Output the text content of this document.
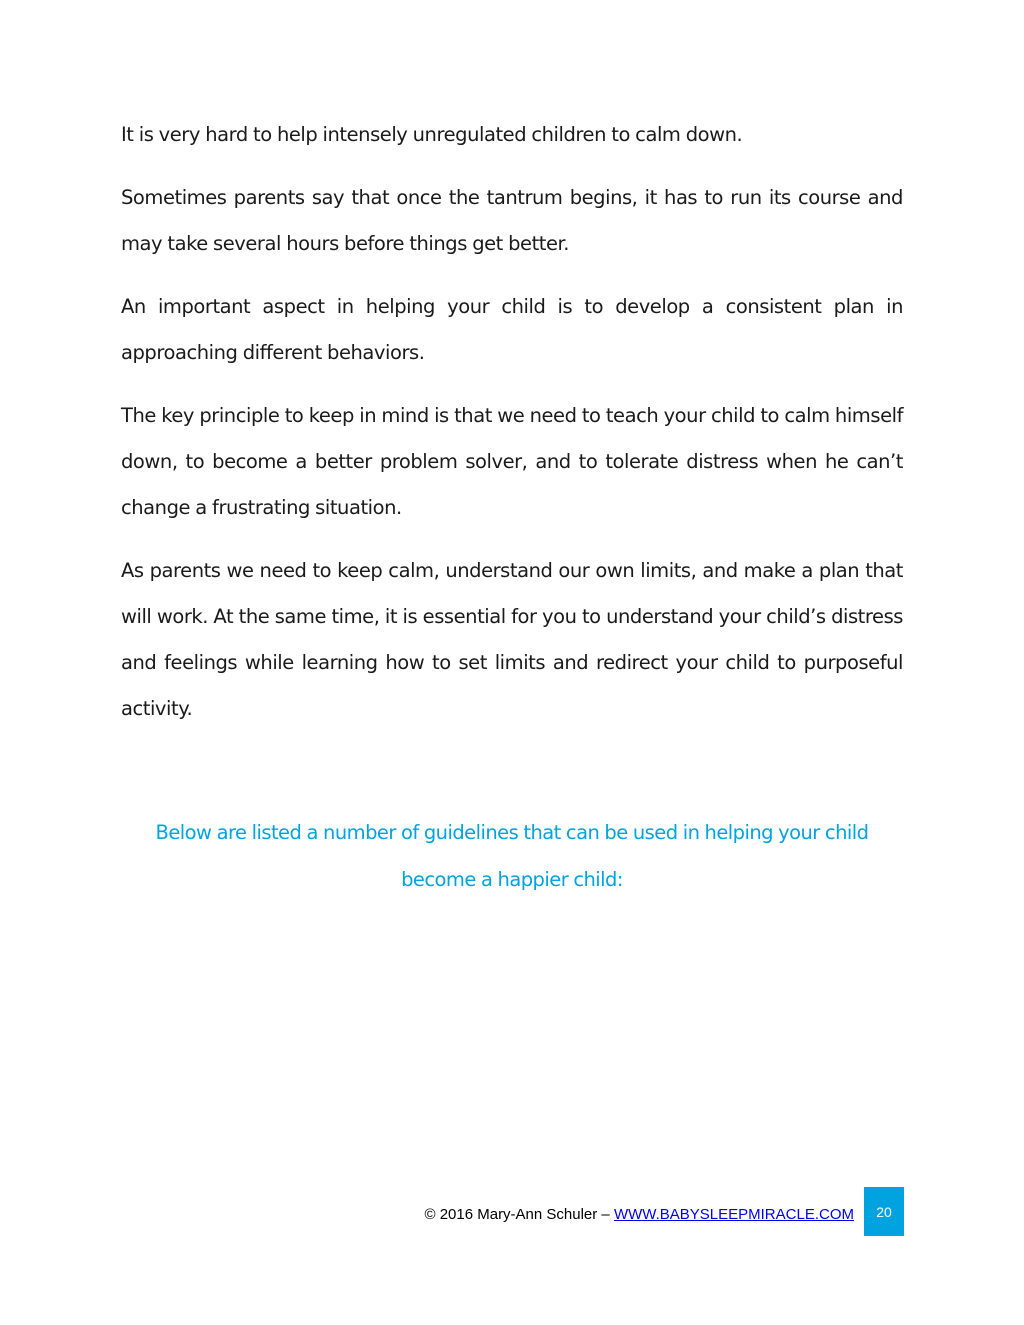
It is very hard to help intensely unregulated children to calm down.

Sometimes parents say that once the tantrum begins, it has to run its course and may take several hours before things get better.

An important aspect in helping your child is to develop a consistent plan in approaching different behaviors.

The key principle to keep in mind is that we need to teach your child to calm himself down, to become a better problem solver, and to tolerate distress when he can’t change a frustrating situation.

As parents we need to keep calm, understand our own limits, and make a plan that will work. At the same time, it is essential for you to understand your child’s distress and feelings while learning how to set limits and redirect your child to purposeful activity.

Below are listed a number of guidelines that can be used in helping your child
become a happier child:

© 2016 Mary-Ann Schuler – WWW.BABYSLEEPMIRACLE.COM	20
